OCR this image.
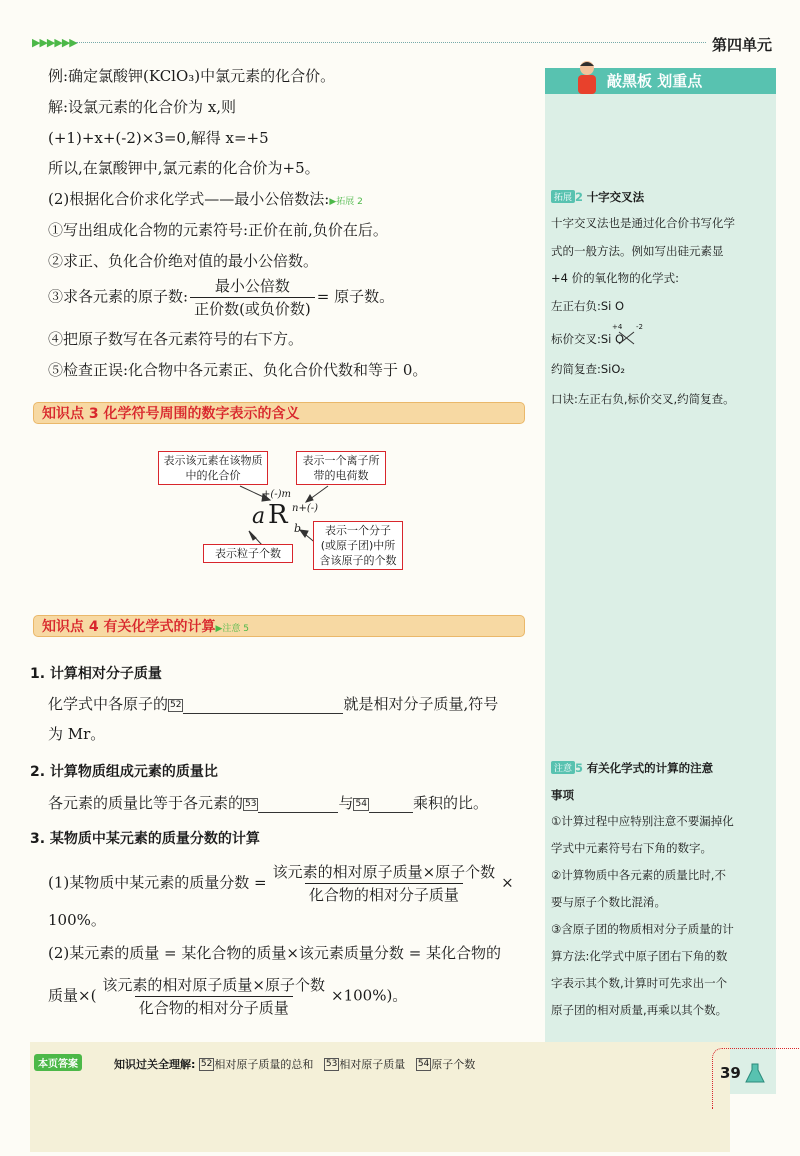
▶▶▶▶▶▶	第四单元
例:确定氯酸钾(KClO₃)中氯元素的化合价。
解:设氯元素的化合价为 x,则
(+1)+x+(-2)×3=0,解得 x=+5
所以,在氯酸钾中,氯元素的化合价为+5。
(2)根据化合价求化学式——最小公倍数法:▶拓展 2
①写出组成化合物的元素符号:正价在前,负价在后。
②求正、负化合价绝对值的最小公倍数。
③求各元素的原子数: $\frac{\text{最小公倍数}}{\text{正价数(或负价数)}}$ = 原子数。
④把原子数写在各元素符号的右下方。
⑤检查正误:化合物中各元素正、负化合价代数和等于 0。
知识点 3 化学符号周围的数字表示的含义
表示该元素在该物质中的化合价
表示一个离子所带的电荷数
表示粒子个数
表示一个分子(或原子团)中所含该原子的个数
a R
+(-)m
n+(-)
b
知识点 4 有关化学式的计算▶注意 5
1. 计算相对分子质量
化学式中各原子的 52	就是相对分子质量,符号
为 Mr。
2. 计算物质组成元素的质量比
各元素的质量比等于各元素的 53	与 54	乘积的比。
3. 某物质中某元素的质量分数的计算
(1)某物质中某元素的质量分数 = $\frac{\text{该元素的相对原子质量×原子个数}}{\text{化合物的相对分子质量}}$ ×
100%。
(2)某元素的质量 = 某化合物的质量×该元素质量分数 = 某化合物的
质量×( $\frac{\text{该元素的相对原子质量×原子个数}}{\text{化合物的相对分子质量}} \times 100\%$)。
敲黑板 划重点
拓展 2 十字交叉法
十字交叉法也是通过化合价书写化学
式的一般方法。例如写出硅元素显
+4 价的氧化物的化学式:
左正右负:Si O
标价交叉:Si O
+4 -2
约简复查:SiO₂
口诀:左正右负,标价交叉,约简复查。
注意 5 有关化学式的计算的注意
事项
①计算过程中应特别注意不要漏掉化
学式中元素符号右下角的数字。
②计算物质中各元素的质量比时,不
要与原子个数比混淆。
③含原子团的物质相对分子质量的计
算方法:化学式中原子团右下角的数
字表示其个数,计算时可先求出一个
原子团的相对质量,再乘以其个数。
本页答案	知识过关全理解: 52 相对原子质量的总和 53 相对原子质量 54 原子个数	39
